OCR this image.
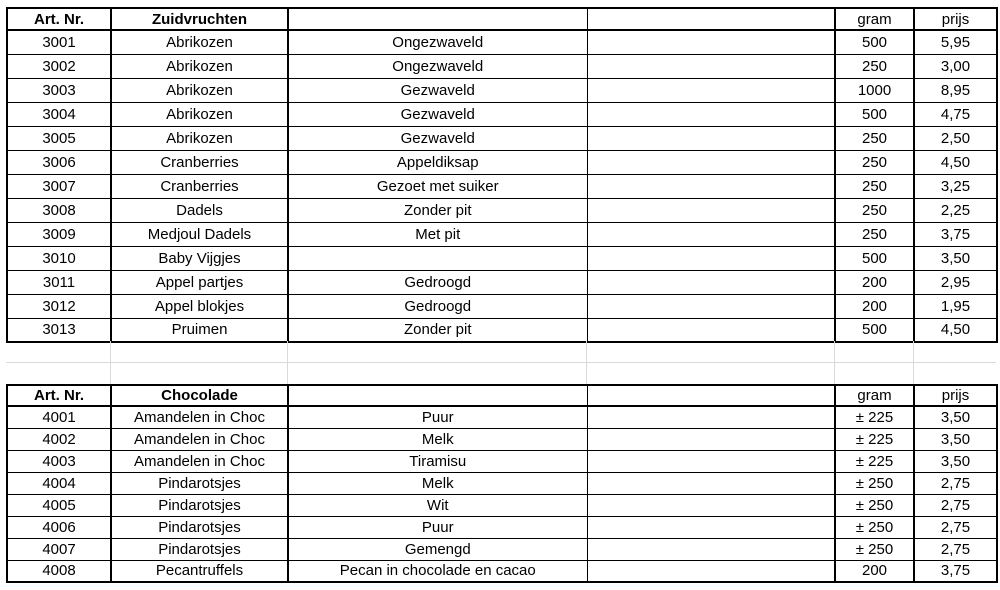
Art. Nr.	Zuidvruchten			gram	prijs
3001	Abrikozen	Ongezwaveld		500	5,95
3002	Abrikozen	Ongezwaveld		250	3,00
3003	Abrikozen	Gezwaveld		1000	8,95
3004	Abrikozen	Gezwaveld		500	4,75
3005	Abrikozen	Gezwaveld		250	2,50
3006	Cranberries	Appeldiksap		250	4,50
3007	Cranberries	Gezoet met suiker		250	3,25
3008	Dadels	Zonder pit		250	2,25
3009	Medjoul Dadels	Met pit		250	3,75
3010	Baby Vijgjes			500	3,50
3011	Appel partjes	Gedroogd		200	2,95
3012	Appel blokjes	Gedroogd		200	1,95
3013	Pruimen	Zonder pit		500	4,50
Art. Nr.	Chocolade			gram	prijs
4001	Amandelen in Choc	Puur		± 225	3,50
4002	Amandelen in Choc	Melk		± 225	3,50
4003	Amandelen in Choc	Tiramisu		± 225	3,50
4004	Pindarotsjes	Melk		± 250	2,75
4005	Pindarotsjes	Wit		± 250	2,75
4006	Pindarotsjes	Puur		± 250	2,75
4007	Pindarotsjes	Gemengd		± 250	2,75
4008	Pecantruffels	Pecan in chocolade en cacao		200	3,75
